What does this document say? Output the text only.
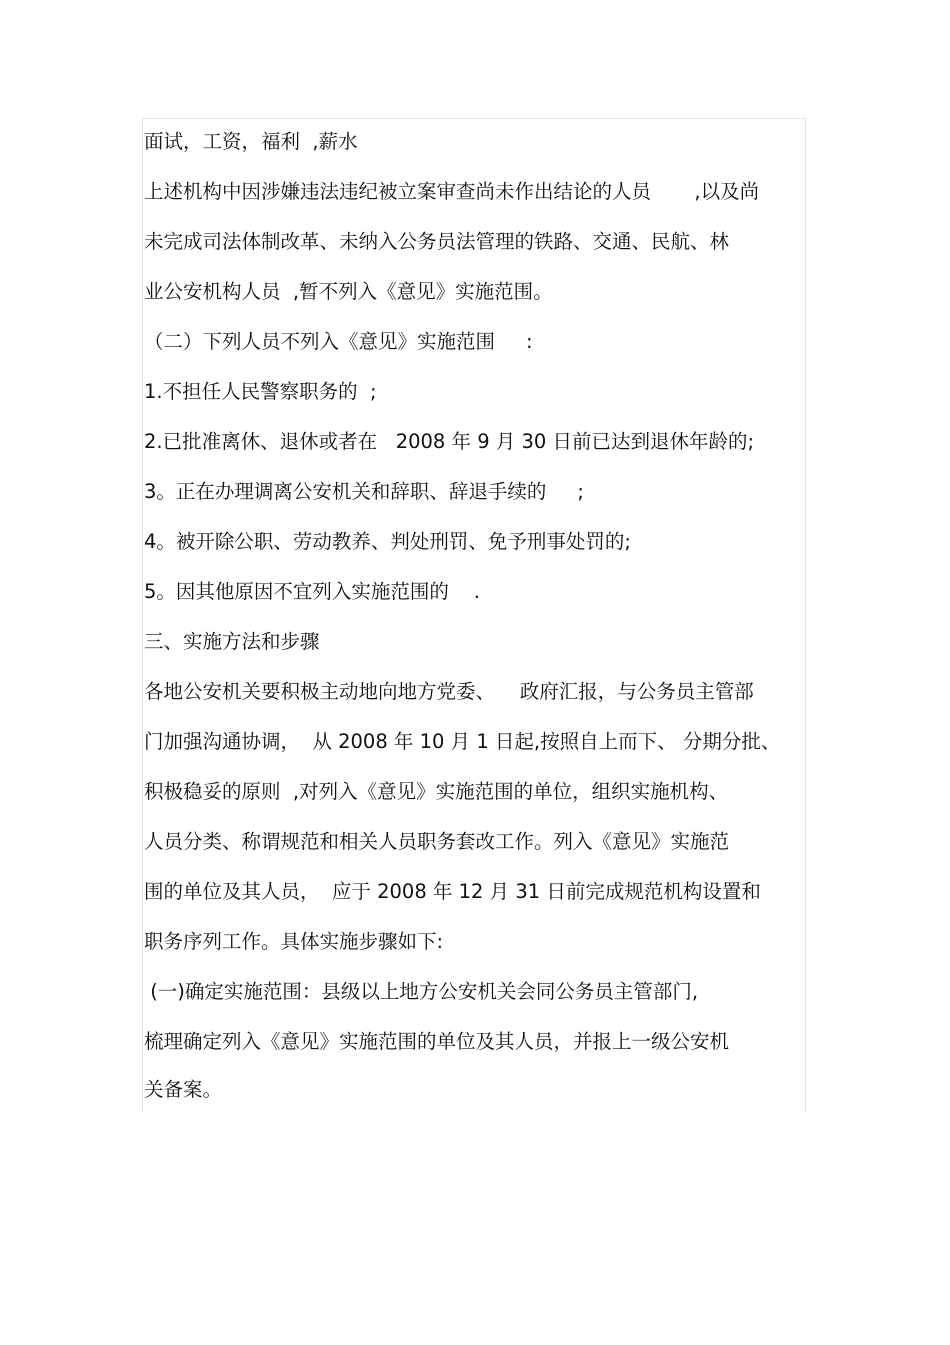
面试，工资，福利  ,薪水
上述机构中因涉嫌违法违纪被立案审查尚未作出结论的人员       ,以及尚
未完成司法体制改革、未纳入公务员法管理的铁路、交通、民航、林
业公安机构人员  ,暂不列入《意见》实施范围。
（二）下列人员不列入《意见》实施范围     :
1.不担任人民警察职务的  ;
2.已批准离休、退休或者在   2008 年 9 月 30 日前已达到退休年龄的;
3。正在办理调离公安机关和辞职、辞退手续的     ;
4。被开除公职、劳动教养、判处刑罚、免予刑事处罚的;
5。因其他原因不宜列入实施范围的    .
三、实施方法和步骤
各地公安机关要积极主动地向地方党委、    政府汇报，与公务员主管部
门加强沟通协调，  从 2008 年 10 月 1 日起,按照自上而下、 分期分批、
积极稳妥的原则  ,对列入《意见》实施范围的单位，组织实施机构、
人员分类、称谓规范和相关人员职务套改工作。列入《意见》实施范
围的单位及其人员，  应于 2008 年 12 月 31 日前完成规范机构设置和
职务序列工作。具体实施步骤如下:
(一)确定实施范围：县级以上地方公安机关会同公务员主管部门,
梳理确定列入《意见》实施范围的单位及其人员，并报上一级公安机
关备案。
